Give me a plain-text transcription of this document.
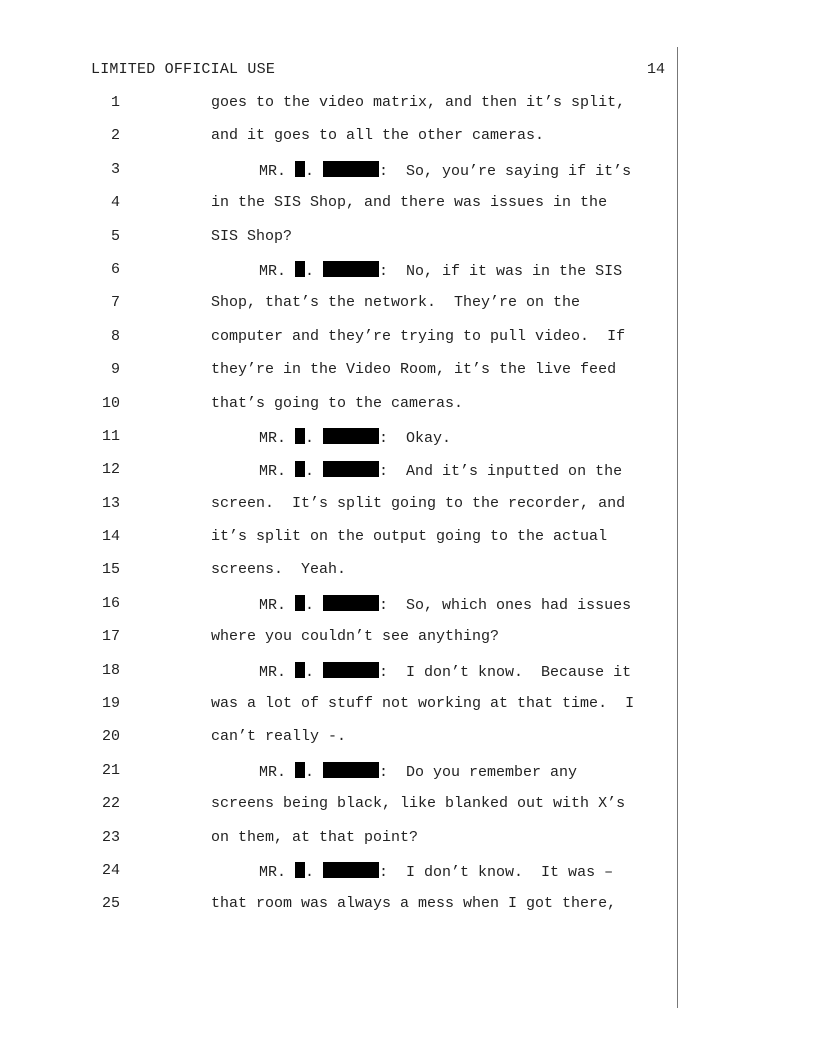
LIMITED OFFICIAL USE	14
1	goes to the video matrix, and then it’s split,
2	and it goes to all the other cameras.
3	MR. .	:  So, you’re saying if it’s
4	in the SIS Shop, and there was issues in the
5	SIS Shop?
6	MR. .	:  No, if it was in the SIS
7	Shop, that’s the network.  They’re on the
8	computer and they’re trying to pull video.  If
9	they’re in the Video Room, it’s the live feed
10	that’s going to the cameras.
11	MR. .	:  Okay.
12	MR. .	:  And it’s inputted on the
13	screen.  It’s split going to the recorder, and
14	it’s split on the output going to the actual
15	screens.  Yeah.
16	MR. .	:  So, which ones had issues
17	where you couldn’t see anything?
18	MR. .	:  I don’t know.  Because it
19	was a lot of stuff not working at that time.  I
20	can’t really -.
21	MR. .	:  Do you remember any
22	screens being black, like blanked out with X’s
23	on them, at that point?
24	MR. .	:  I don’t know.  It was –
25	that room was always a mess when I got there,
